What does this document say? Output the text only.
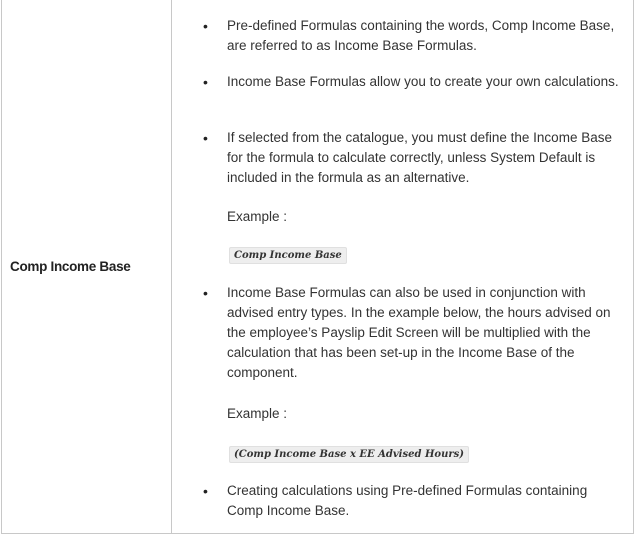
Comp Income Base
• Pre-defined Formulas containing the words, Comp Income Base, are referred to as Income Base Formulas.
• Income Base Formulas allow you to create your own calculations.
• If selected from the catalogue, you must define the Income Base for the formula to calculate correctly, unless System Default is included in the formula as an alternative.
Example :
Comp Income Base
• Income Base Formulas can also be used in conjunction with advised entry types. In the example below, the hours advised on the employee’s Payslip Edit Screen will be multiplied with the calculation that has been set-up in the Income Base of the component.
Example :
(Comp Income Base x EE Advised Hours)
• Creating calculations using Pre-defined Formulas containing Comp Income Base.
